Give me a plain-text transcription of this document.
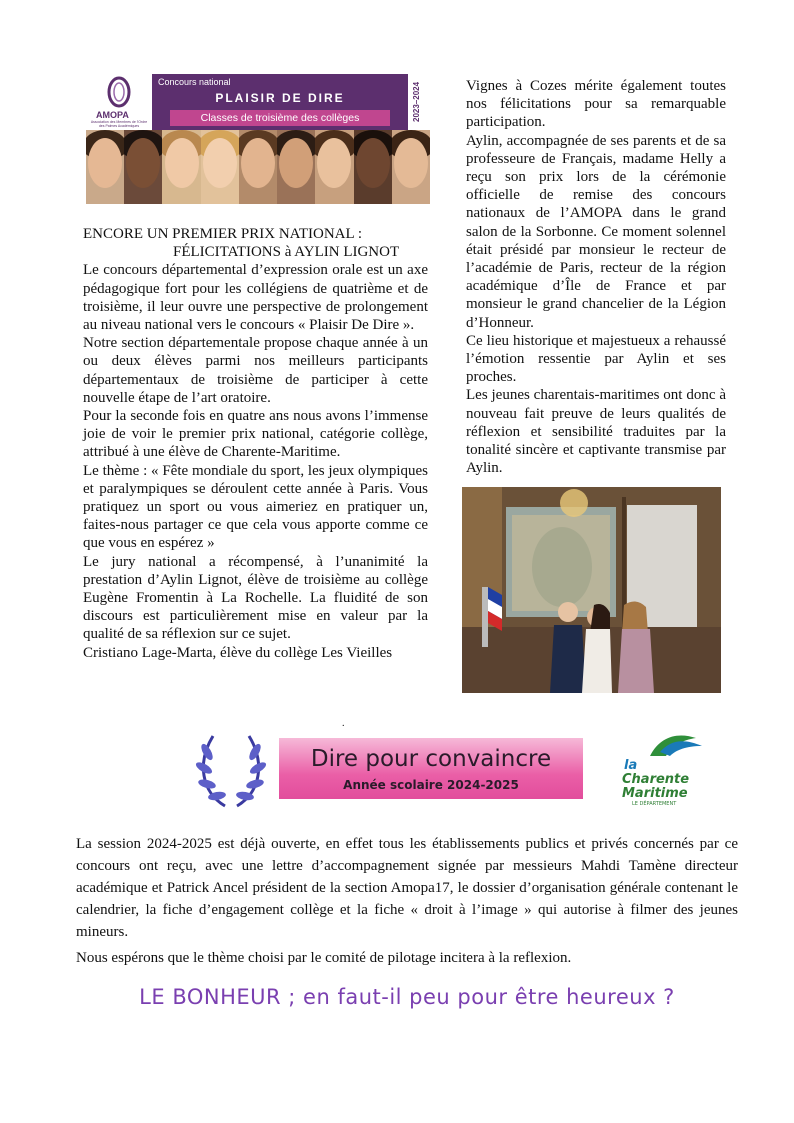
AMOPA
Association des Membres de l'Ordre des Palmes Académiques
Concours national
PLAISIR DE DIRE
Classes de troisième des collèges	2023–2024

ENCORE UN PREMIER PRIX NATIONAL :

FÉLICITATIONS à AYLIN LIGNOT

Le concours départemental d’expression orale est un axe pédagogique fort pour les collégiens de quatrième et de troisième, il leur ouvre une perspective de prolongement au niveau national vers le concours « Plaisir De Dire ».

Notre section départementale propose chaque année à un ou deux élèves parmi nos meilleurs participants départementaux de troisième de participer à cette nouvelle étape de l’art oratoire.

Pour la seconde fois en quatre ans nous avons l’immense joie de voir le premier prix national, catégorie collège, attribué à une élève de Charente-Maritime.

Le thème : « Fête mondiale du sport, les jeux olympiques et paralympiques se déroulent cette année à Paris. Vous pratiquez un sport ou vous aimeriez en pratiquer un, faites-nous partager ce que cela vous apporte comme ce que vous en espérez »

Le jury national a récompensé, à l’unanimité la prestation d’Aylin Lignot, élève de troisième au collège Eugène Fromentin à La Rochelle. La fluidité de son discours est particulièrement mise en valeur par la qualité de sa réflexion sur ce sujet.

Cristiano Lage-Marta, élève du collège Les Vieilles

Vignes à Cozes mérite également toutes nos félicitations pour sa remarquable participation.

Aylin, accompagnée de ses parents et de sa professeure de Français, madame Helly a reçu son prix lors de la cérémonie officielle de remise des concours nationaux de l’AMOPA dans le grand salon de la Sorbonne. Ce moment solennel était présidé par monsieur le recteur de l’académie de Paris, recteur de la région académique d’Île de France et par monsieur le grand chancelier de la Légion d’Honneur.

Ce lieu historique et majestueux a rehaussé l’émotion ressentie par Aylin et ses proches.

Les jeunes charentais-maritimes ont donc à nouveau fait preuve de leurs qualités de réflexion et sensibilité traduites par la tonalité sincère et captivante transmise par Aylin.

.
Dire pour convaincre
Année scolaire 2024-2025
la
Charente
Maritime
LE DÉPARTEMENT
La session 2024-2025 est déjà ouverte, en effet tous les établissements publics et privés concernés par ce concours ont reçu, avec une lettre d’accompagnement signée par messieurs Mahdi Tamène directeur académique et Patrick Ancel président de la section Amopa17, le dossier d’organisation générale contenant le calendrier, la fiche d’engagement collège et la fiche « droit à l’image » qui autorise à filmer des jeunes mineurs.
Nous espérons que le thème choisi par le comité de pilotage incitera à la reflexion.
LE BONHEUR ; en faut-il peu pour être heureux ?
